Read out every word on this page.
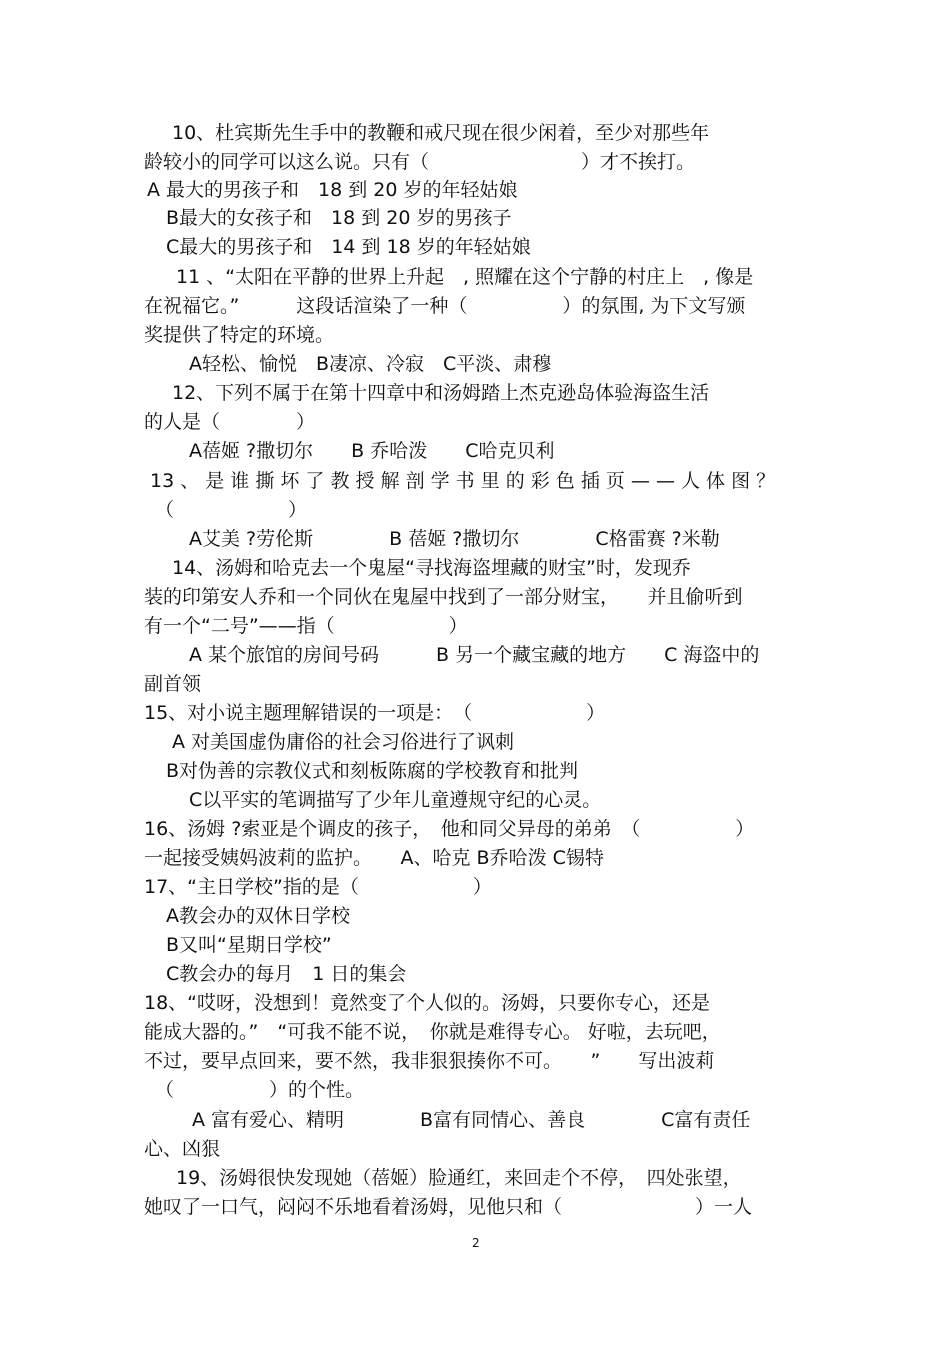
10、杜宾斯先生手中的教鞭和戒尺现在很少闲着，至少对那些年

龄较小的同学可以这么说。只有（　　　　　　　　）才不挨打。

A 最大的男孩子和　18 到 20 岁的年轻姑娘

B最大的女孩子和　18 到 20 岁的男孩子

C最大的男孩子和　14 到 18 岁的年轻姑娘

11 、“太阳在平静的世界上升起　, 照耀在这个宁静的村庄上　, 像是

在祝福它。”　　　这段话渲染了一种（　　　　　）的氛围, 为下文写颁

奖提供了特定的环境。

A轻松、愉悦　B凄凉、冷寂　C平淡、肃穆

12、下列不属于在第十四章中和汤姆踏上杰克逊岛体验海盗生活

的人是（　　　　）

A蓓姬 ?撒切尔　　B 乔哈泼　　C哈克贝利

13 、 是 谁 撕 坏 了 教 授 解 剖 学 书 里 的 彩 色 插 页 — — 人 体 图 ？

（　　　　　　）

A艾美 ?劳伦斯　　　　B 蓓姬 ?撒切尔　　　　C格雷赛 ?米勒

14、汤姆和哈克去一个鬼屋“寻找海盗埋藏的财宝”时，发现乔

装的印第安人乔和一个同伙在鬼屋中找到了一部分财宝，　　并且偷听到

有一个“二号”——指（　　　　　　）

A 某个旅馆的房间号码　　　B 另一个藏宝藏的地方　　C 海盗中的

副首领

15、对小说主题理解错误的一项是：　（　　　　　　）

A 对美国虚伪庸俗的社会习俗进行了讽刺

B对伪善的宗教仪式和刻板陈腐的学校教育和批判

C以平实的笔调描写了少年儿童遵规守纪的心灵。

16、汤姆 ?索亚是个调皮的孩子，　他和同父异母的弟弟　（　　　　　）

一起接受姨妈波莉的监护。　　A、哈克 B乔哈泼 C锡特

17、“主日学校”指的是（　　　　　　）

A教会办的双休日学校

B又叫“星期日学校”

C教会办的每月　1 日的集会

18、“哎呀，没想到！竟然变了个人似的。汤姆，只要你专心，还是

能成大器的。”　“可我不能不说，　你就是难得专心。 好啦，去玩吧，

不过，要早点回来，要不然，我非狠狠揍你不可。　　”　　写出波莉

（　　　　　）的个性。

A 富有爱心、精明　　　　B富有同情心、善良　　　　C富有责任

心、凶狠

19、汤姆很快发现她（蓓姬）脸通红，来回走个不停，　四处张望，

她叹了一口气，闷闷不乐地看着汤姆，见他只和（　　　　　　　）一人

2
